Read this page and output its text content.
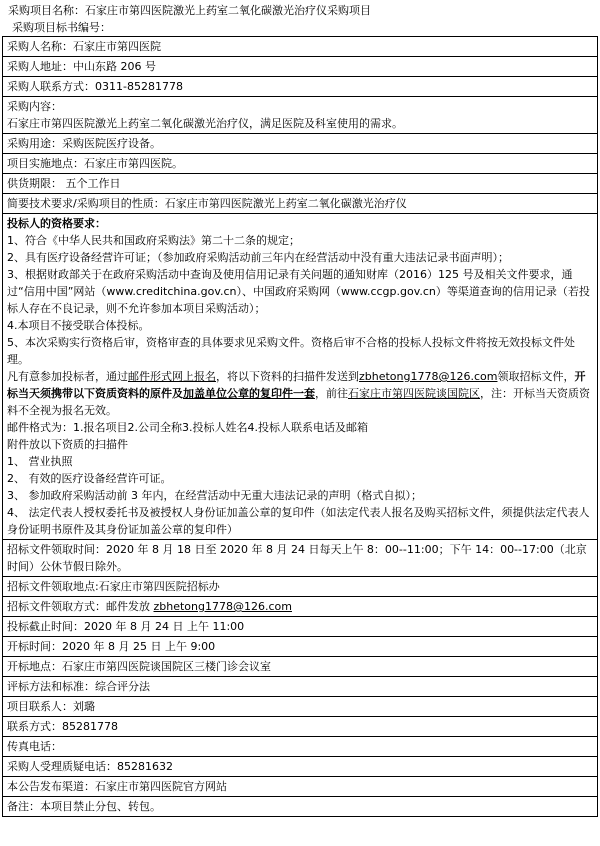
采购项目名称：石家庄市第四医院激光上药室二氧化碳激光治疗仪采购项目
采购项目标书编号：
采购人名称：石家庄市第四医院
采购人地址：中山东路 206 号
采购人联系方式：0311-85281778

采购内容：
石家庄市第四医院激光上药室二氧化碳激光治疗仪，满足医院及科室使用的需求。

采购用途：采购医院医疗设备。
项目实施地点：石家庄市第四医院。
供货期限： 五个工作日
简要技术要求/采购项目的性质：石家庄市第四医院激光上药室二氧化碳激光治疗仪

投标人的资格要求：
1、符合《中华人民共和国政府采购法》第二十二条的规定；
2、具有医疗设备经营许可证；（参加政府采购活动前三年内在经营活动中没有重大违法记录书面声明）；
3、根据财政部关于在政府采购活动中查询及使用信用记录有关问题的通知财库（2016）125 号及相关文件要求，通过“信用中国”网站（www.creditchina.gov.cn）、中国政府采购网（www.ccgp.gov.cn）等渠道查询的信用记录（若投标人存在不良记录，则不允许参加本项目采购活动）；
4.本项目不接受联合体投标。
5、本次采购实行资格后审，资格审查的具体要求见采购文件。资格后审不合格的投标人投标文件将按无效投标文件处理。
凡有意参加投标者，通过邮件形式网上报名，将以下资料的扫描件发送到zbhetong1778@126.com领取招标文件，开标当天须携带以下资质资料的原件及加盖单位公章的复印件一套，前往石家庄市第四医院谈国院区，注：开标当天资质资料不全视为报名无效。
邮件格式为：1.报名项目2.公司全称3.投标人姓名4.投标人联系电话及邮箱
附件放以下资质的扫描件
1、 营业执照
2、 有效的医疗设备经营许可证。
3、 参加政府采购活动前 3 年内，在经营活动中无重大违法记录的声明（格式自拟）；
4、 法定代表人授权委托书及被授权人身份证加盖公章的复印件（如法定代表人报名及购买招标文件，须提供法定代表人身份证明书原件及其身份证加盖公章的复印件）

招标文件领取时间：2020 年 8 月 18 日至 2020 年 8 月 24 日每天上午 8：00--11:00；下午 14：00--17:00（北京时间）公休节假日除外。
招标文件领取地点:石家庄市第四医院招标办
招标文件领取方式：邮件发放 zbhetong1778@126.com
投标截止时间：2020 年 8 月 24 日 上午 11:00
开标时间：2020 年 8 月 25 日 上午 9:00
开标地点：石家庄市第四医院谈国院区三楼门诊会议室
评标方法和标准：综合评分法
项目联系人：刘璐
联系方式：85281778
传真电话：
采购人受理质疑电话：85281632
本公告发布渠道：石家庄市第四医院官方网站
备注：本项目禁止分包、转包。
